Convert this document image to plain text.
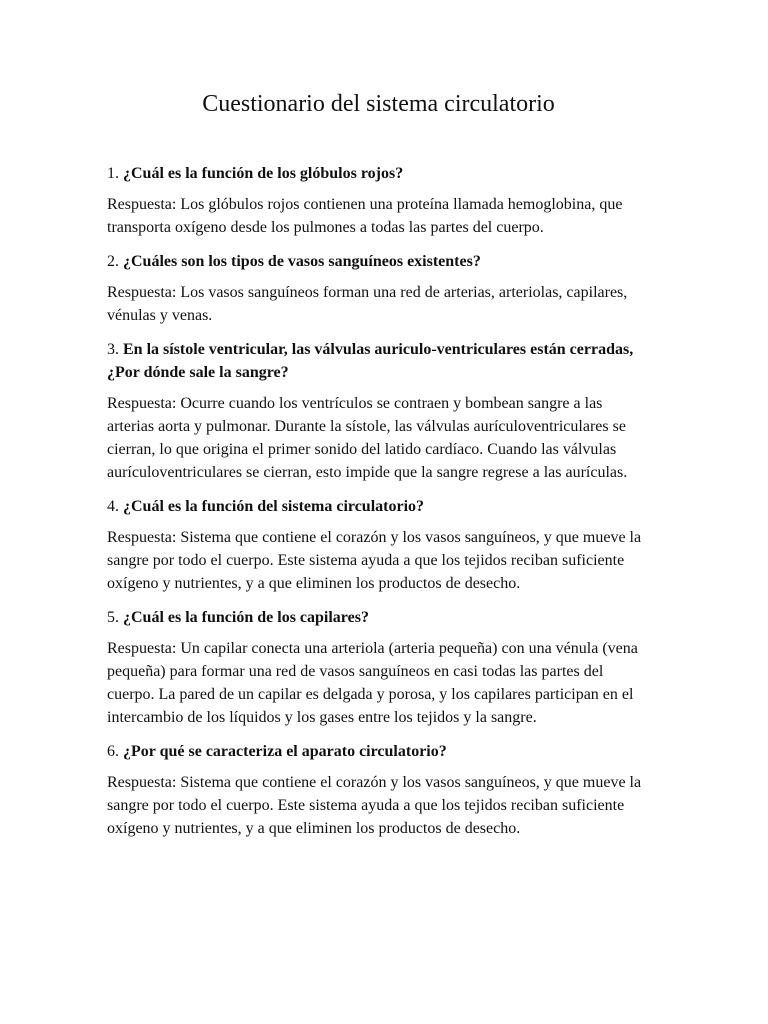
Cuestionario del sistema circulatorio

1. ¿Cuál es la función de los glóbulos rojos?

Respuesta: Los glóbulos rojos contienen una proteína llamada hemoglobina, que transporta oxígeno desde los pulmones a todas las partes del cuerpo.

2. ¿Cuáles son los tipos de vasos sanguíneos existentes?

Respuesta: Los vasos sanguíneos forman una red de arterias, arteriolas, capilares, vénulas y venas.

3. En la sístole ventricular, las válvulas auriculo-ventriculares están cerradas, ¿Por dónde sale la sangre?

Respuesta: Ocurre cuando los ventrículos se contraen y bombean sangre a las arterias aorta y pulmonar. Durante la sístole, las válvulas aurículoventriculares se cierran, lo que origina el primer sonido del latido cardíaco. Cuando las válvulas aurículoventriculares se cierran, esto impide que la sangre regrese a las aurículas.

4. ¿Cuál es la función del sistema circulatorio?

Respuesta: Sistema que contiene el corazón y los vasos sanguíneos, y que mueve la sangre por todo el cuerpo. Este sistema ayuda a que los tejidos reciban suficiente oxígeno y nutrientes, y a que eliminen los productos de desecho.

5. ¿Cuál es la función de los capilares?

Respuesta: Un capilar conecta una arteriola (arteria pequeña) con una vénula (vena pequeña) para formar una red de vasos sanguíneos en casi todas las partes del cuerpo. La pared de un capilar es delgada y porosa, y los capilares participan en el intercambio de los líquidos y los gases entre los tejidos y la sangre.

6. ¿Por qué se caracteriza el aparato circulatorio?

Respuesta: Sistema que contiene el corazón y los vasos sanguíneos, y que mueve la sangre por todo el cuerpo. Este sistema ayuda a que los tejidos reciban suficiente oxígeno y nutrientes, y a que eliminen los productos de desecho.
